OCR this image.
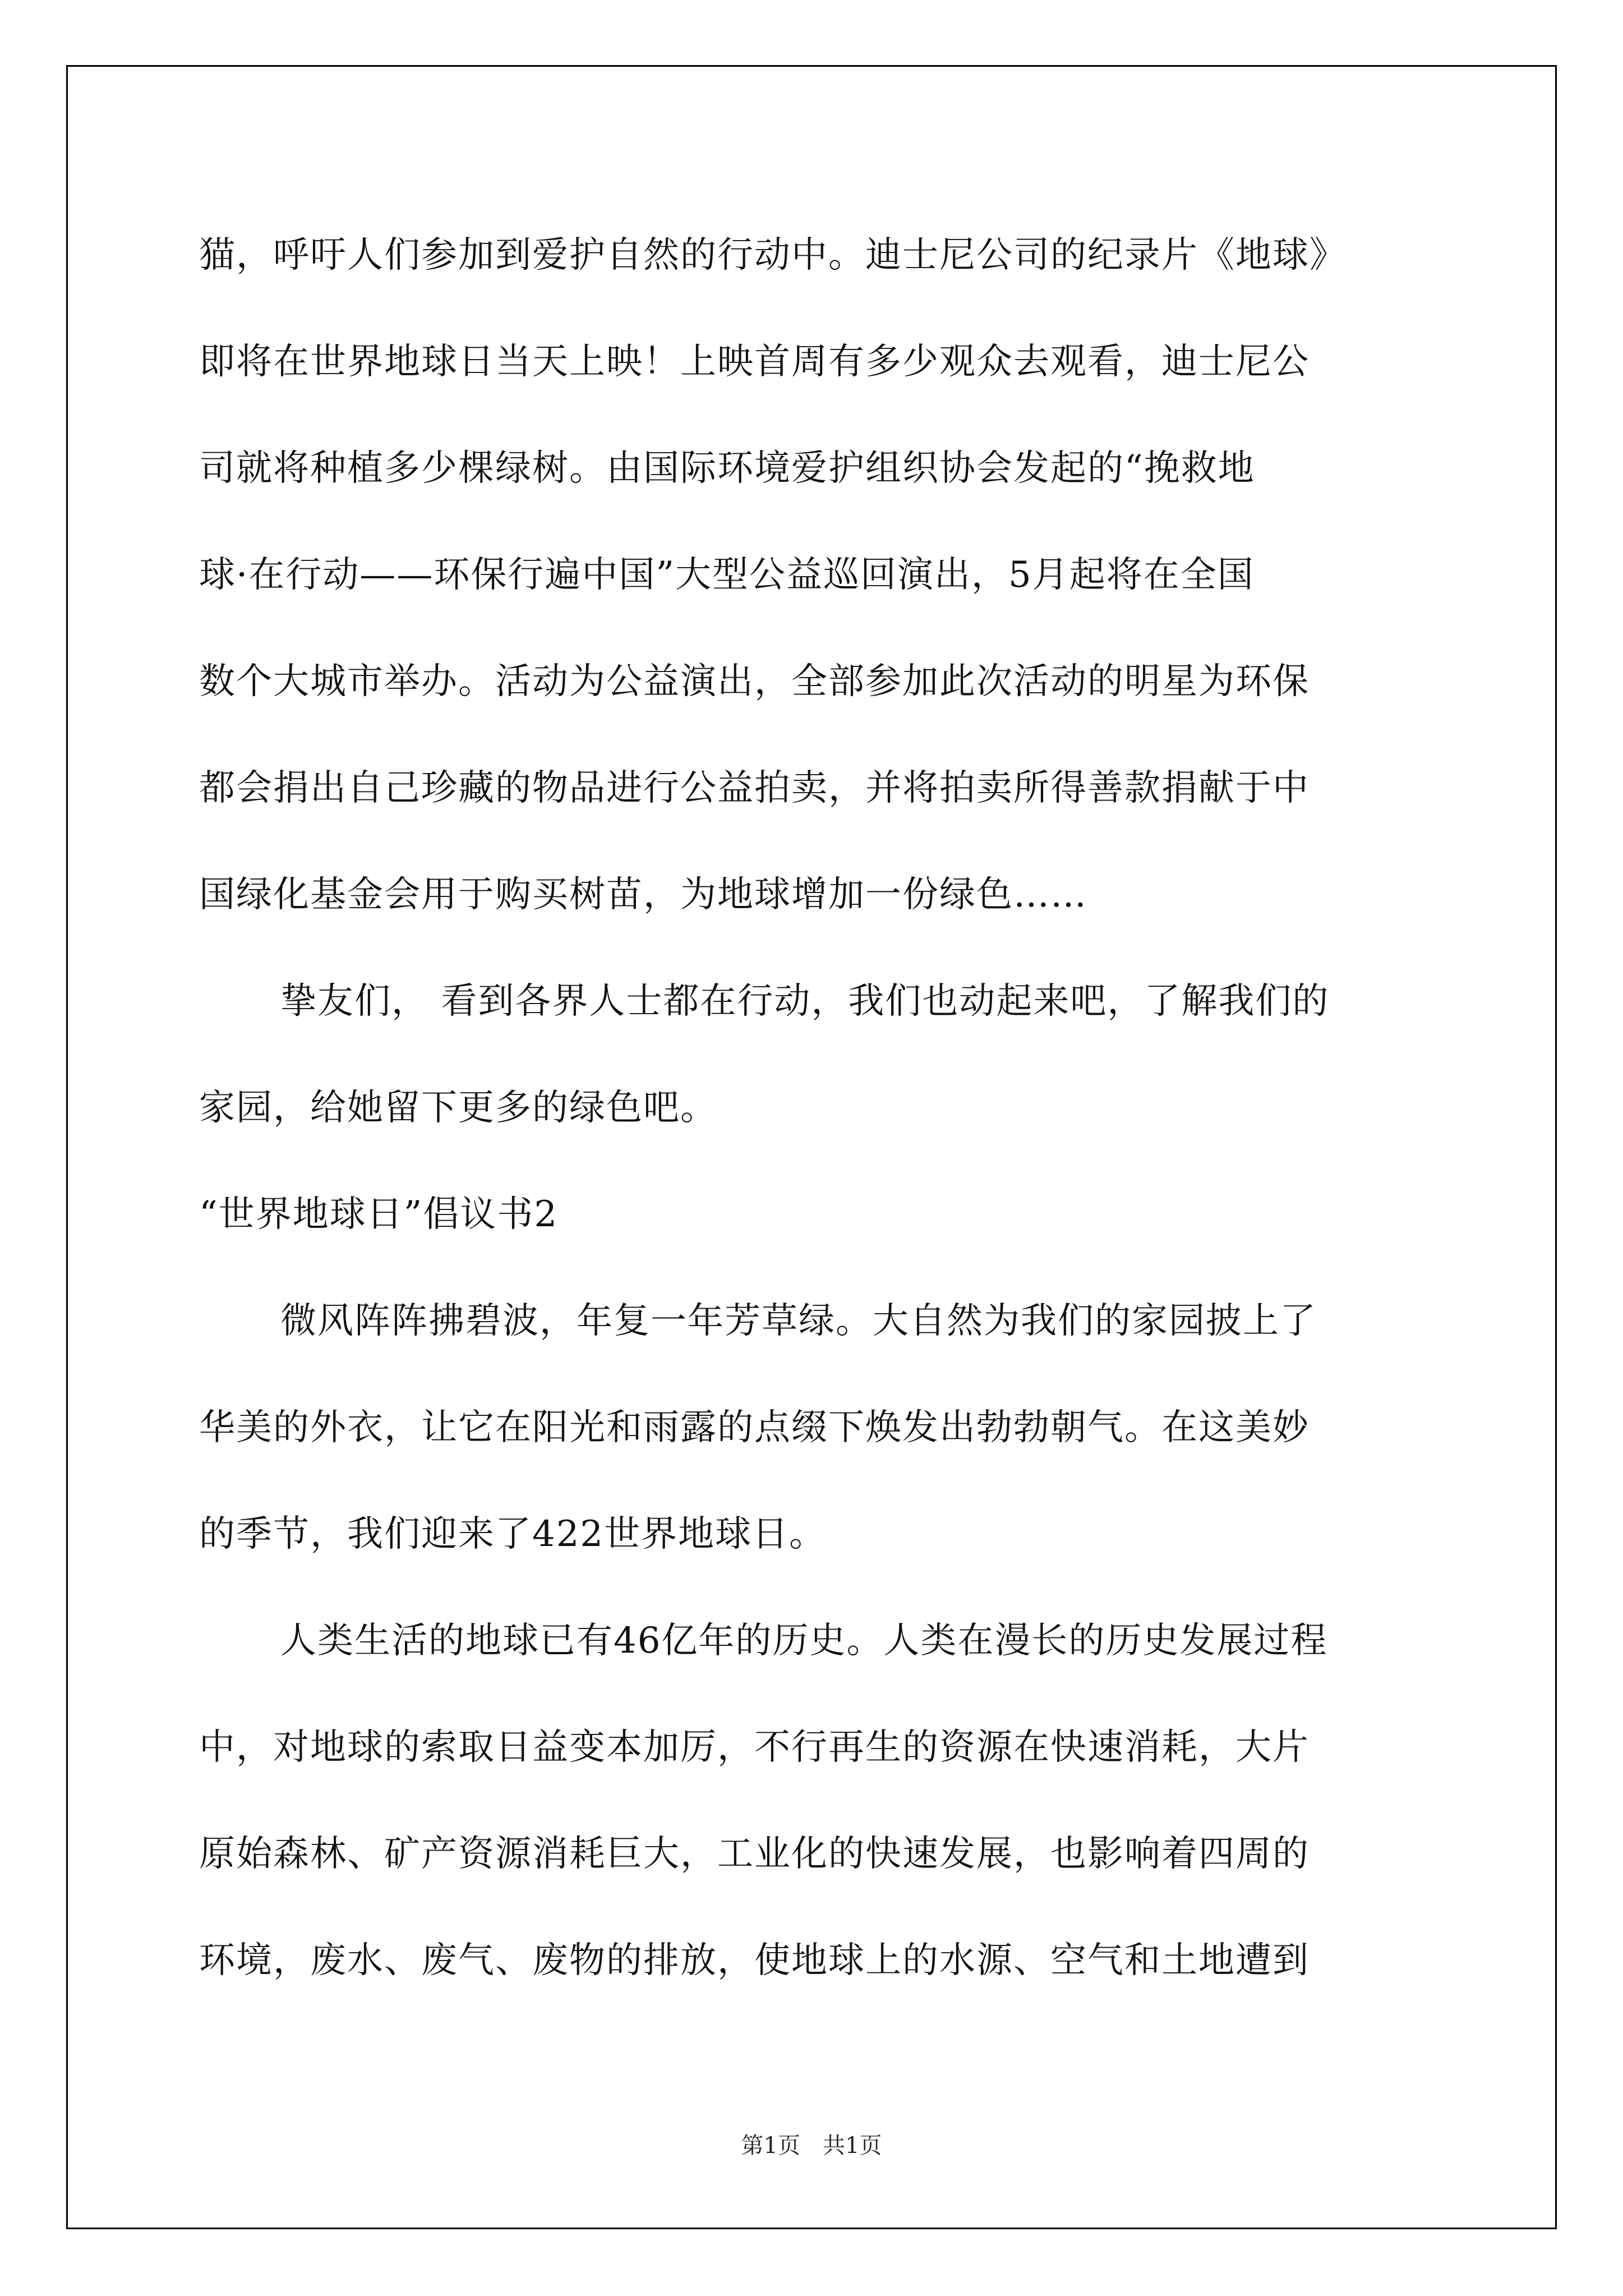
猫，呼吁人们参加到爱护自然的行动中。迪士尼公司的纪录片《地球》
即将在世界地球日当天上映！上映首周有多少观众去观看，迪士尼公
司就将种植多少棵绿树。由国际环境爱护组织协会发起的“挽救地
球·在行动——环保行遍中国”大型公益巡回演出，5月起将在全国
数个大城市举办。活动为公益演出，全部参加此次活动的明星为环保
都会捐出自己珍藏的物品进行公益拍卖，并将拍卖所得善款捐献于中
国绿化基金会用于购买树苗，为地球增加一份绿色……
挚友们， 看到各界人士都在行动，我们也动起来吧，了解我们的
家园，给她留下更多的绿色吧。
“世界地球日”倡议书2
微风阵阵拂碧波，年复一年芳草绿。大自然为我们的家园披上了
华美的外衣，让它在阳光和雨露的点缀下焕发出勃勃朝气。在这美妙
的季节，我们迎来了422世界地球日。
人类生活的地球已有46亿年的历史。人类在漫长的历史发展过程
中，对地球的索取日益变本加厉，不行再生的资源在快速消耗，大片
原始森林、矿产资源消耗巨大，工业化的快速发展，也影响着四周的
环境，废水、废气、废物的排放，使地球上的水源、空气和土地遭到
第1页 共1页
